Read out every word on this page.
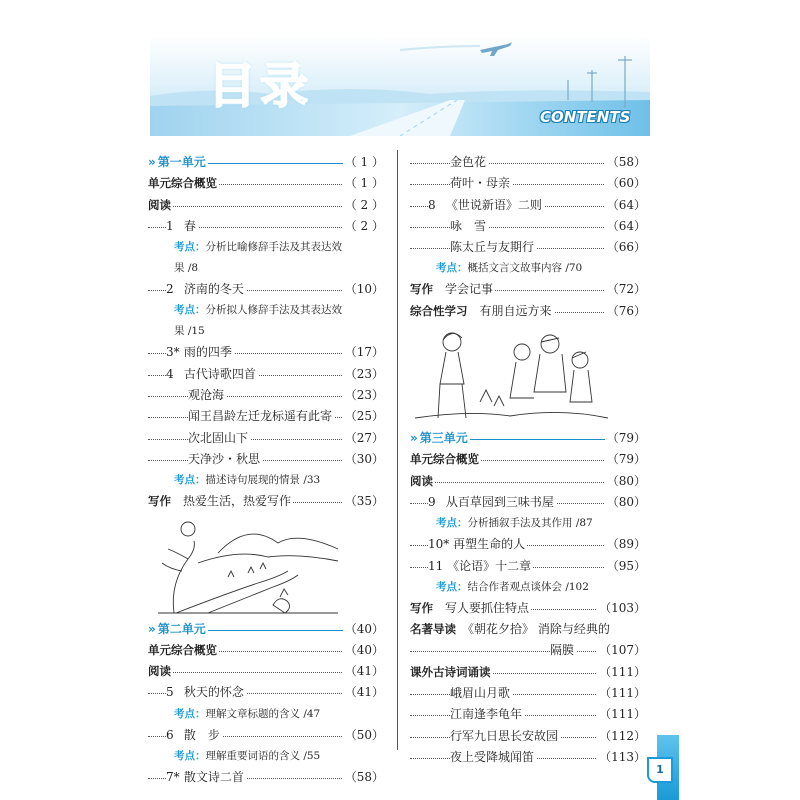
目录
CONTENTS
» 第一单元	（ 1 ）
单元综合概览	（ 1 ）
阅读	（ 2 ）
1 春	（ 2 ）
考点 ： 分析比喻修辞手法及其表达效果 /8
2 济南的冬天	（10）
考点 ： 分析拟人修辞手法及其表达效果 /15
3* 雨的四季	（17）
4 古代诗歌四首	（23）
观沧海	（23）
闻王昌龄左迁龙标遥有此寄 （25）
次北固山下	（27）
天净沙・秋思	（30）
考点 ： 描述诗句展现的情景 /33
写作　 热爱生活，热爱写作	（35）
» 第二单元	（40）
单元综合概览	（40）
阅读	（41）
5 秋天的怀念	（41）
考点 ： 理解文章标题的含义 /47
6 散　步	（50）
考点 ： 理解重要词语的含义 /55
7* 散文诗二首	（58）
金色花	（58）
荷叶・母亲	（60）
8 《世说新语》二则	（64）
咏　雪	（64）
陈太丘与友期行	（66）
考点 ： 概括文言文故事内容 /70
写作　 学会记事	（72）
综合性学习　 有朋自远方来	（76）
» 第三单元	（79）
单元综合概览	（79）
阅读	（80）
9 从百草园到三味书屋	（80）
考点 ： 分析插叙手法及其作用 /87
10* 再塑生命的人	（89）
11 《论语》十二章	（95）
考点 ： 结合作者观点谈体会 /102
写作　 写人要抓住特点	（103）
名著导读　 《朝花夕拾》 消除与经典的
隔膜 （107）
课外古诗词诵读	（111）
峨眉山月歌	（111）
江南逢李龟年	（111）
行军九日思长安故园	（112）
夜上受降城闻笛	（113）
1
